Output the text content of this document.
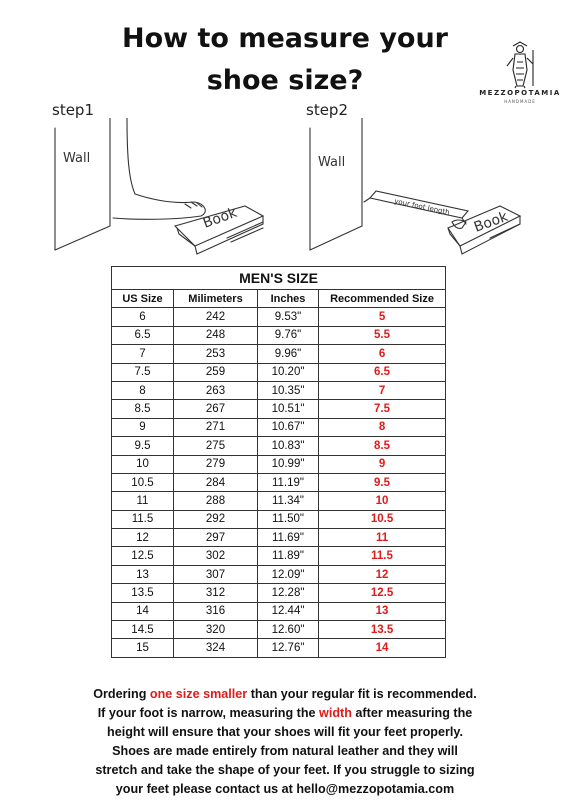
How to measure your
shoe size?	MEZZOPOTAMIA
HANDMADE
step1	step2
Wall
Book
Wall
your foot length
Book
MEN'S SIZE			
US Size	Milimeters	Inches	Recommended Size
6	242	9.53"	5
6.5	248	9.76"	5.5
7	253	9.96"	6
7.5	259	10.20"	6.5
8	263	10.35"	7
8.5	267	10.51"	7.5
9	271	10.67"	8
9.5	275	10.83"	8.5
10	279	10.99"	9
10.5	284	11.19"	9.5
11	288	11.34"	10
11.5	292	11.50"	10.5
12	297	11.69"	11
12.5	302	11.89"	11.5
13	307	12.09"	12
13.5	312	12.28"	12.5
14	316	12.44"	13
14.5	320	12.60"	13.5
15	324	12.76"	14
Ordering one size smaller than your regular fit is recommended.
If your foot is narrow, measuring the width after measuring the
height will ensure that your shoes will fit your feet properly.
Shoes are made entirely from natural leather and they will
stretch and take the shape of your feet. If you struggle to sizing
your feet please contact us at hello@mezzopotamia.com
